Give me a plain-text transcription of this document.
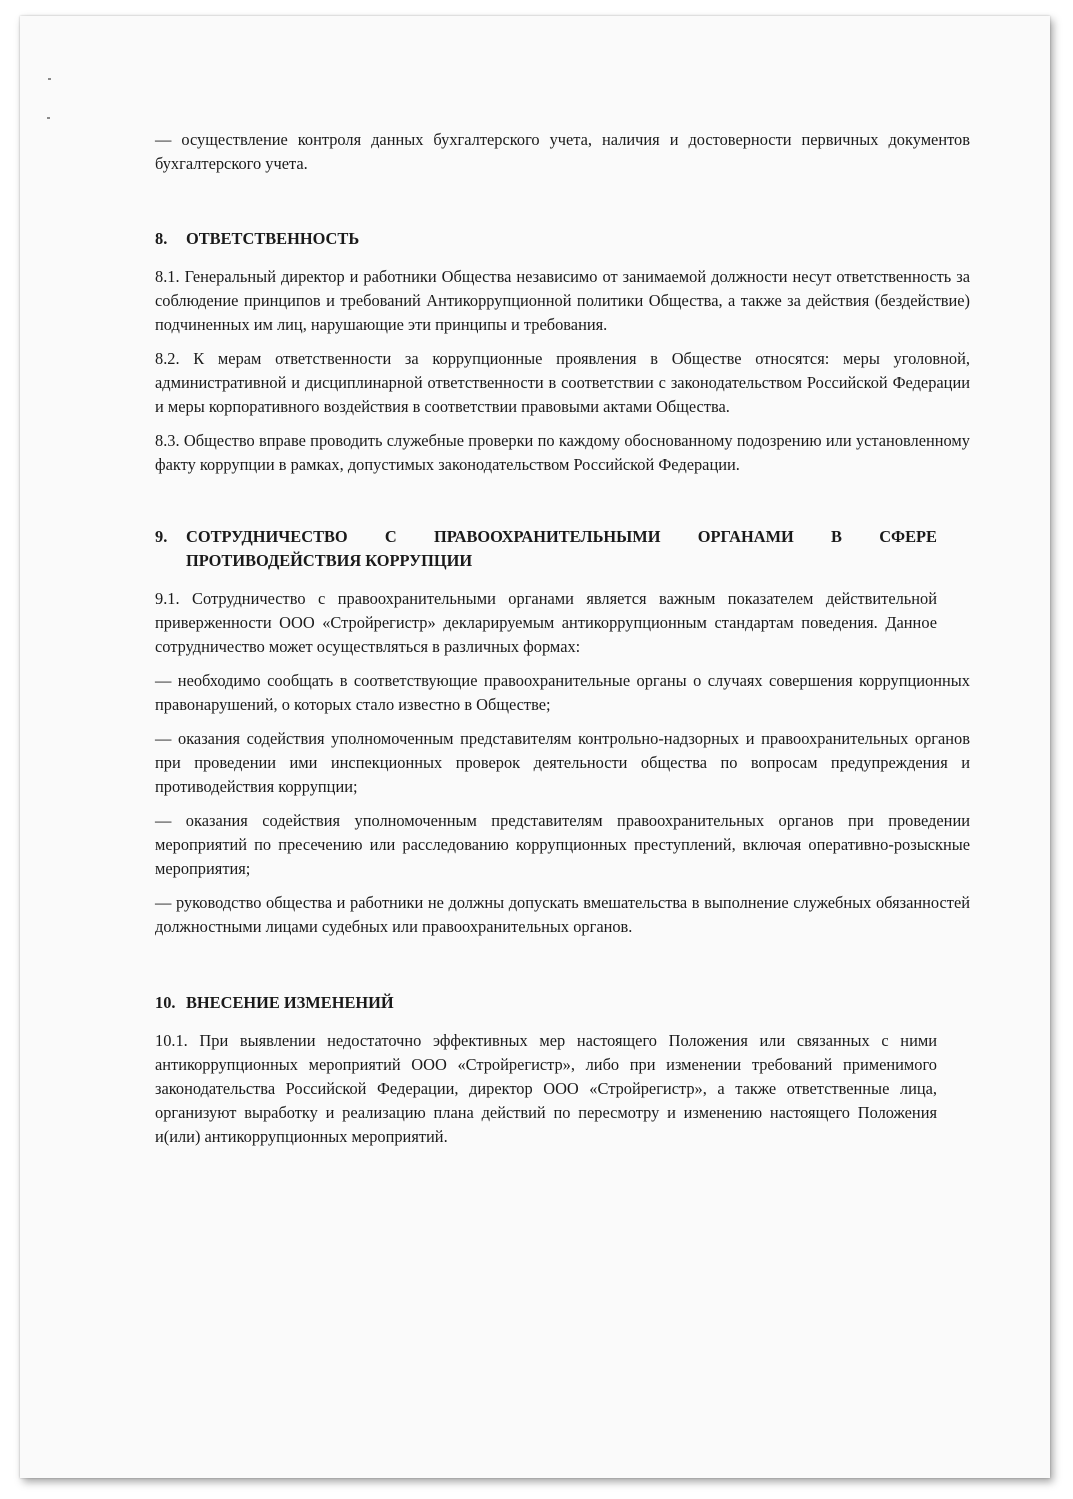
— осуществление контроля данных бухгалтерского учета, наличия и достоверности первичных документов бухгалтерского учета.

8. ОТВЕТСТВЕННОСТЬ

8.1. Генеральный директор и работники Общества независимо от занимаемой должности несут ответственность за соблюдение принципов и требований Антикоррупционной политики Общества, а также за действия (бездействие) подчиненных им лиц, нарушающие эти принципы и требования.

8.2. К мерам ответственности за коррупционные проявления в Обществе относятся: меры уголовной, административной и дисциплинарной ответственности в соответствии с законодательством Российской Федерации и меры корпоративного воздействия в соответствии правовыми актами Общества.

8.3. Общество вправе проводить служебные проверки по каждому обоснованному подозрению или установленному факту коррупции в рамках, допустимых законодательством Российской Федерации.

9.	СОТРУДНИЧЕСТВО С ПРАВООХРАНИТЕЛЬНЫМИ ОРГАНАМИ В СФЕРЕ
ПРОТИВОДЕЙСТВИЯ КОРРУПЦИИ

9.1. Сотрудничество с правоохранительными органами является важным показателем действительной приверженности ООО «Стройрегистр» декларируемым антикоррупционным стандартам поведения. Данное сотрудничество может осуществляться в различных формах:

— необходимо сообщать в соответствующие правоохранительные органы о случаях совершения коррупционных правонарушений, о которых стало известно в Обществе;

— оказания содействия уполномоченным представителям контрольно-надзорных и правоохранительных органов при проведении ими инспекционных проверок деятельности общества по вопросам предупреждения и противодействия коррупции;

— оказания содействия уполномоченным представителям правоохранительных органов при проведении мероприятий по пресечению или расследованию коррупционных преступлений, включая оперативно-розыскные мероприятия;

— руководство общества и работники не должны допускать вмешательства в выполнение служебных обязанностей должностными лицами судебных или правоохранительных органов.

10. ВНЕСЕНИЕ ИЗМЕНЕНИЙ

10.1. При выявлении недостаточно эффективных мер настоящего Положения или связанных с ними антикоррупционных мероприятий ООО «Стройрегистр», либо при изменении требований применимого законодательства Российской Федерации, директор ООО «Стройрегистр», а также ответственные лица, организуют выработку и реализацию плана действий по пересмотру и изменению настоящего Положения и(или) антикоррупционных мероприятий.
